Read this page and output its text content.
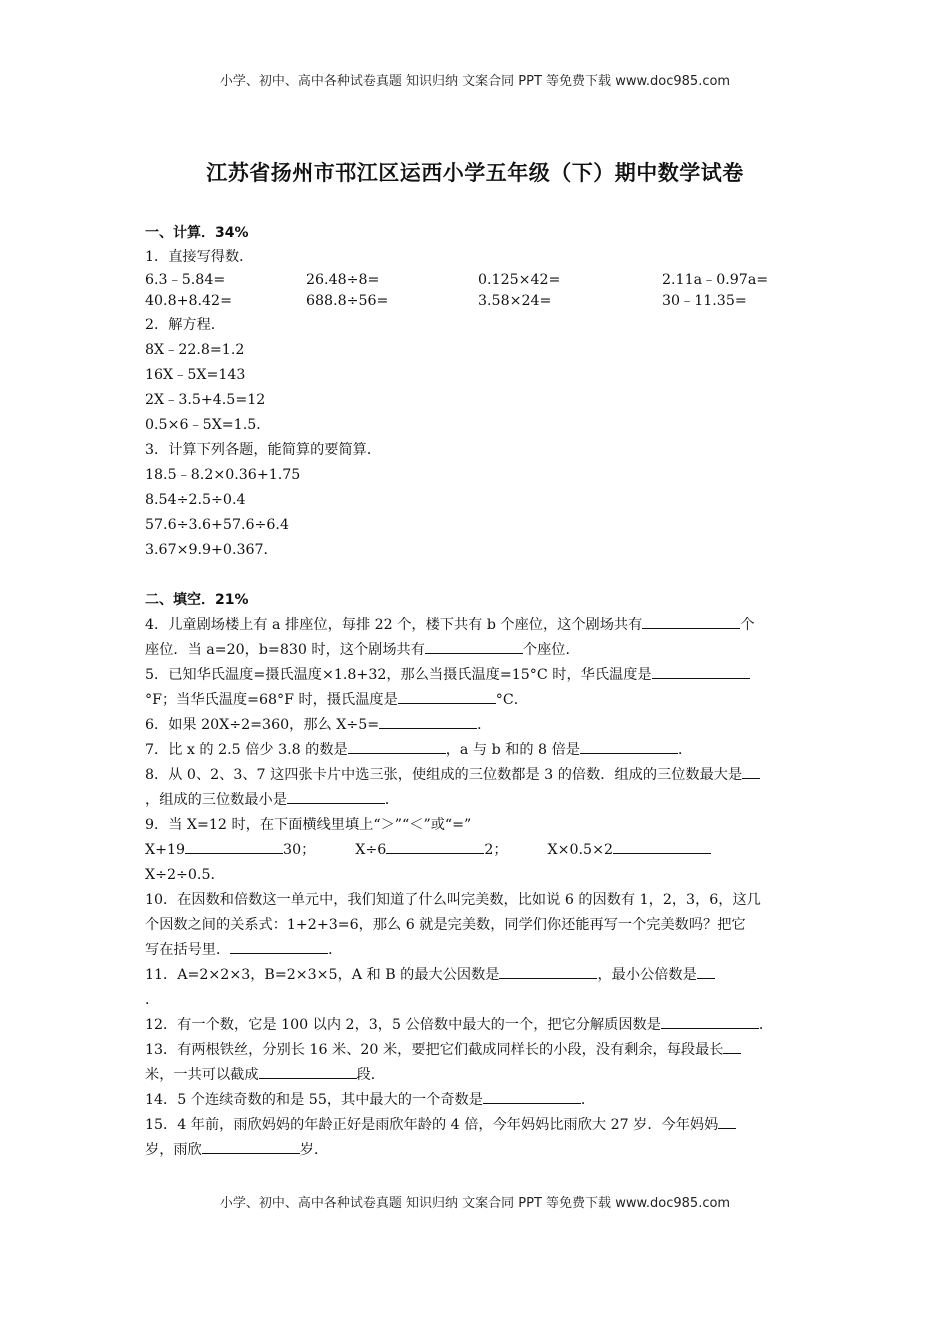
小学、初中、高中各种试卷真题 知识归纳 文案合同 PPT 等免费下载 www.doc985.com
江苏省扬州市邗江区运西小学五年级（下）期中数学试卷
一、计算．34%
1．直接写得数．
6.3﹣5.84=	26.48÷8=	0.125×42=	2.11a﹣0.97a=
40.8+8.42=	688.8÷56=	3.58×24=	30﹣11.35=
2．解方程．
8X﹣22.8=1.2
16X﹣5X=143
2X﹣3.5+4.5=12
0.5×6﹣5X=1.5．
3．计算下列各题，能简算的要简算．
18.5﹣8.2×0.36+1.75
8.54÷2.5÷0.4
57.6÷3.6+57.6÷6.4
3.67×9.9+0.367．
二、填空．21%
4．儿童剧场楼上有 a 排座位，每排 22 个，楼下共有 b 个座位，这个剧场共有	个
座位．当 a=20，b=830 时，这个剧场共有	个座位．
5．已知华氏温度=摄氏温度×1.8+32，那么当摄氏温度=15°C 时，华氏温度是
°F；当华氏温度=68°F 时，摄氏温度是	°C．
6．如果 20X÷2=360，那么 X÷5=	．
7．比 x 的 2.5 倍少 3.8 的数是	，a 与 b 和的 8 倍是	．
8．从 0、2、3、7 这四张卡片中选三张，使组成的三位数都是 3 的倍数．组成的三位数最大是
，组成的三位数最小是	．
9．当 X=12 时，在下面横线里填上“＞”“＜”或“=”
X+19	30；	X÷6	2；	X×0.5×2
X÷2÷0.5．
10．在因数和倍数这一单元中，我们知道了什么叫完美数，比如说 6 的因数有 1，2，3，6，这几
个因数之间的关系式：1+2+3=6，那么 6 就是完美数，同学们你还能再写一个完美数吗？把它
写在括号里．	．
11．A=2×2×3，B=2×3×5，A 和 B 的最大公因数是	，最小公倍数是
．
12．有一个数，它是 100 以内 2，3，5 公倍数中最大的一个，把它分解质因数是	．
13．有两根铁丝，分别长 16 米、20 米，要把它们截成同样长的小段，没有剩余，每段最长
米，一共可以截成	段．
14．5 个连续奇数的和是 55，其中最大的一个奇数是	．
15．4 年前，雨欣妈妈的年龄正好是雨欣年龄的 4 倍，今年妈妈比雨欣大 27 岁．今年妈妈
岁，雨欣	岁．
小学、初中、高中各种试卷真题 知识归纳 文案合同 PPT 等免费下载 www.doc985.com
